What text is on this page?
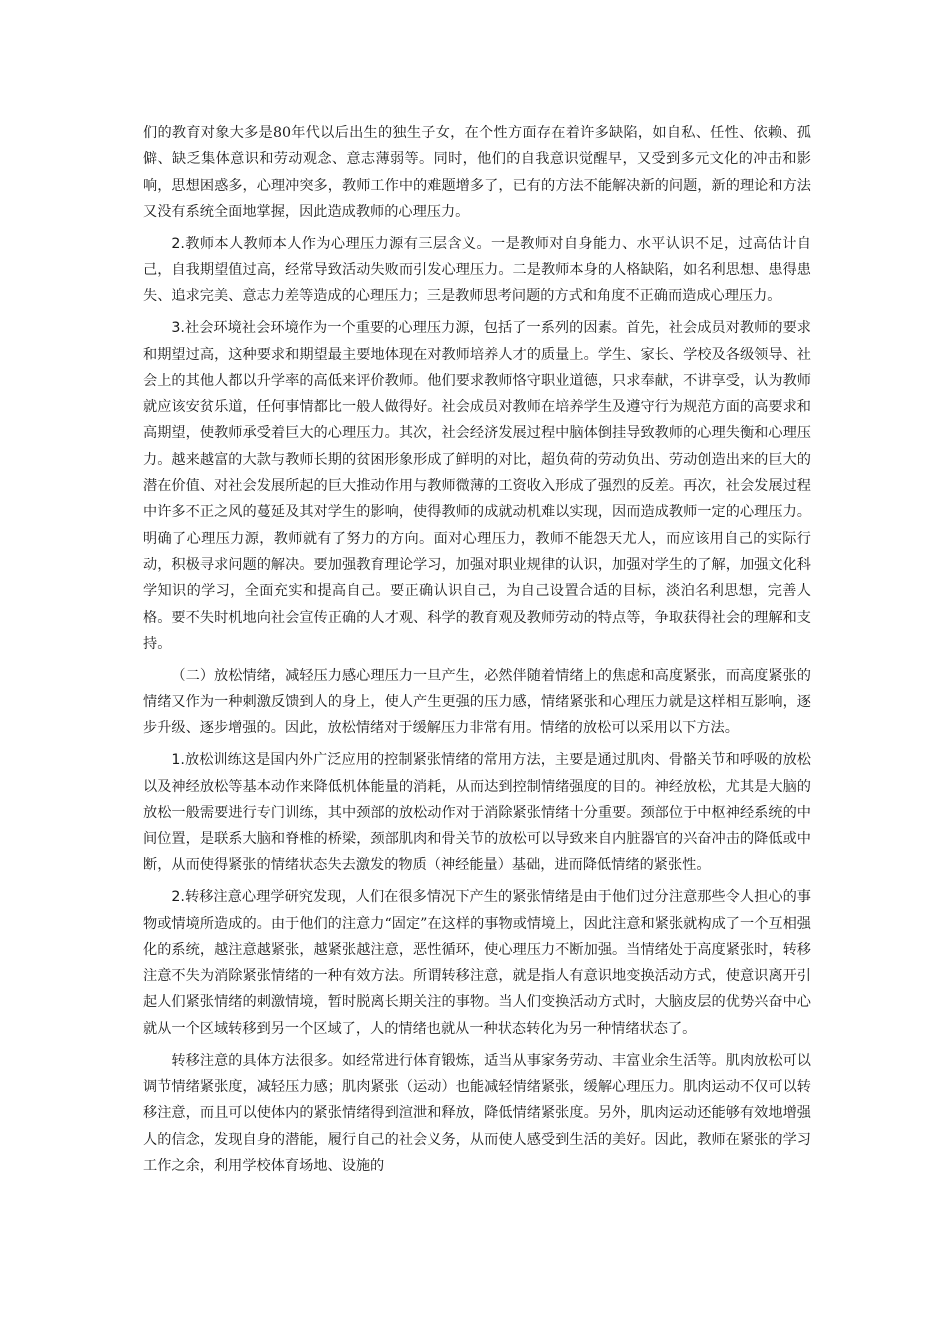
们的教育对象大多是80年代以后出生的独生子女，在个性方面存在着许多缺陷，如自私、任性、依赖、孤僻、缺乏集体意识和劳动观念、意志薄弱等。同时，他们的自我意识觉醒早，又受到多元文化的冲击和影响，思想困惑多，心理冲突多，教师工作中的难题增多了，已有的方法不能解决新的问题，新的理论和方法又没有系统全面地掌握，因此造成教师的心理压力。

2.教师本人教师本人作为心理压力源有三层含义。一是教师对自身能力、水平认识不足，过高估计自己，自我期望值过高，经常导致活动失败而引发心理压力。二是教师本身的人格缺陷，如名利思想、患得患失、追求完美、意志力差等造成的心理压力；三是教师思考问题的方式和角度不正确而造成心理压力。

3.社会环境社会环境作为一个重要的心理压力源，包括了一系列的因素。首先，社会成员对教师的要求和期望过高，这种要求和期望最主要地体现在对教师培养人才的质量上。学生、家长、学校及各级领导、社会上的其他人都以升学率的高低来评价教师。他们要求教师恪守职业道德，只求奉献，不讲享受，认为教师就应该安贫乐道，任何事情都比一般人做得好。社会成员对教师在培养学生及遵守行为规范方面的高要求和高期望，使教师承受着巨大的心理压力。其次，社会经济发展过程中脑体倒挂导致教师的心理失衡和心理压力。越来越富的大款与教师长期的贫困形象形成了鲜明的对比，超负荷的劳动负出、劳动创造出来的巨大的潜在价值、对社会发展所起的巨大推动作用与教师微薄的工资收入形成了强烈的反差。再次，社会发展过程中许多不正之风的蔓延及其对学生的影响，使得教师的成就动机难以实现，因而造成教师一定的心理压力。明确了心理压力源，教师就有了努力的方向。面对心理压力，教师不能怨天尤人，而应该用自己的实际行动，积极寻求问题的解决。要加强教育理论学习，加强对职业规律的认识，加强对学生的了解，加强文化科学知识的学习，全面充实和提高自己。要正确认识自己，为自己设置合适的目标，淡泊名利思想，完善人格。要不失时机地向社会宣传正确的人才观、科学的教育观及教师劳动的特点等，争取获得社会的理解和支持。

（二）放松情绪，减轻压力感心理压力一旦产生，必然伴随着情绪上的焦虑和高度紧张，而高度紧张的情绪又作为一种刺激反馈到人的身上，使人产生更强的压力感，情绪紧张和心理压力就是这样相互影响，逐步升级、逐步增强的。因此，放松情绪对于缓解压力非常有用。情绪的放松可以采用以下方法。

1.放松训练这是国内外广泛应用的控制紧张情绪的常用方法，主要是通过肌肉、骨骼关节和呼吸的放松以及神经放松等基本动作来降低机体能量的消耗，从而达到控制情绪强度的目的。神经放松，尤其是大脑的放松一般需要进行专门训练，其中颈部的放松动作对于消除紧张情绪十分重要。颈部位于中枢神经系统的中间位置，是联系大脑和脊椎的桥梁，颈部肌肉和骨关节的放松可以导致来自内脏器官的兴奋冲击的降低或中断，从而使得紧张的情绪状态失去激发的物质（神经能量）基础，进而降低情绪的紧张性。

2.转移注意心理学研究发现，人们在很多情况下产生的紧张情绪是由于他们过分注意那些令人担心的事物或情境所造成的。由于他们的注意力“固定”在这样的事物或情境上，因此注意和紧张就构成了一个互相强化的系统，越注意越紧张，越紧张越注意，恶性循环，使心理压力不断加强。当情绪处于高度紧张时，转移注意不失为消除紧张情绪的一种有效方法。所谓转移注意，就是指人有意识地变换活动方式，使意识离开引起人们紧张情绪的刺激情境，暂时脱离长期关注的事物。当人们变换活动方式时，大脑皮层的优势兴奋中心就从一个区域转移到另一个区域了，人的情绪也就从一种状态转化为另一种情绪状态了。

转移注意的具体方法很多。如经常进行体育锻炼，适当从事家务劳动、丰富业余生活等。肌肉放松可以调节情绪紧张度，减轻压力感；肌肉紧张（运动）也能减轻情绪紧张，缓解心理压力。肌肉运动不仅可以转移注意，而且可以使体内的紧张情绪得到渲泄和释放，降低情绪紧张度。另外，肌肉运动还能够有效地增强人的信念，发现自身的潜能，履行自己的社会义务，从而使人感受到生活的美好。因此，教师在紧张的学习工作之余，利用学校体育场地、设施的
